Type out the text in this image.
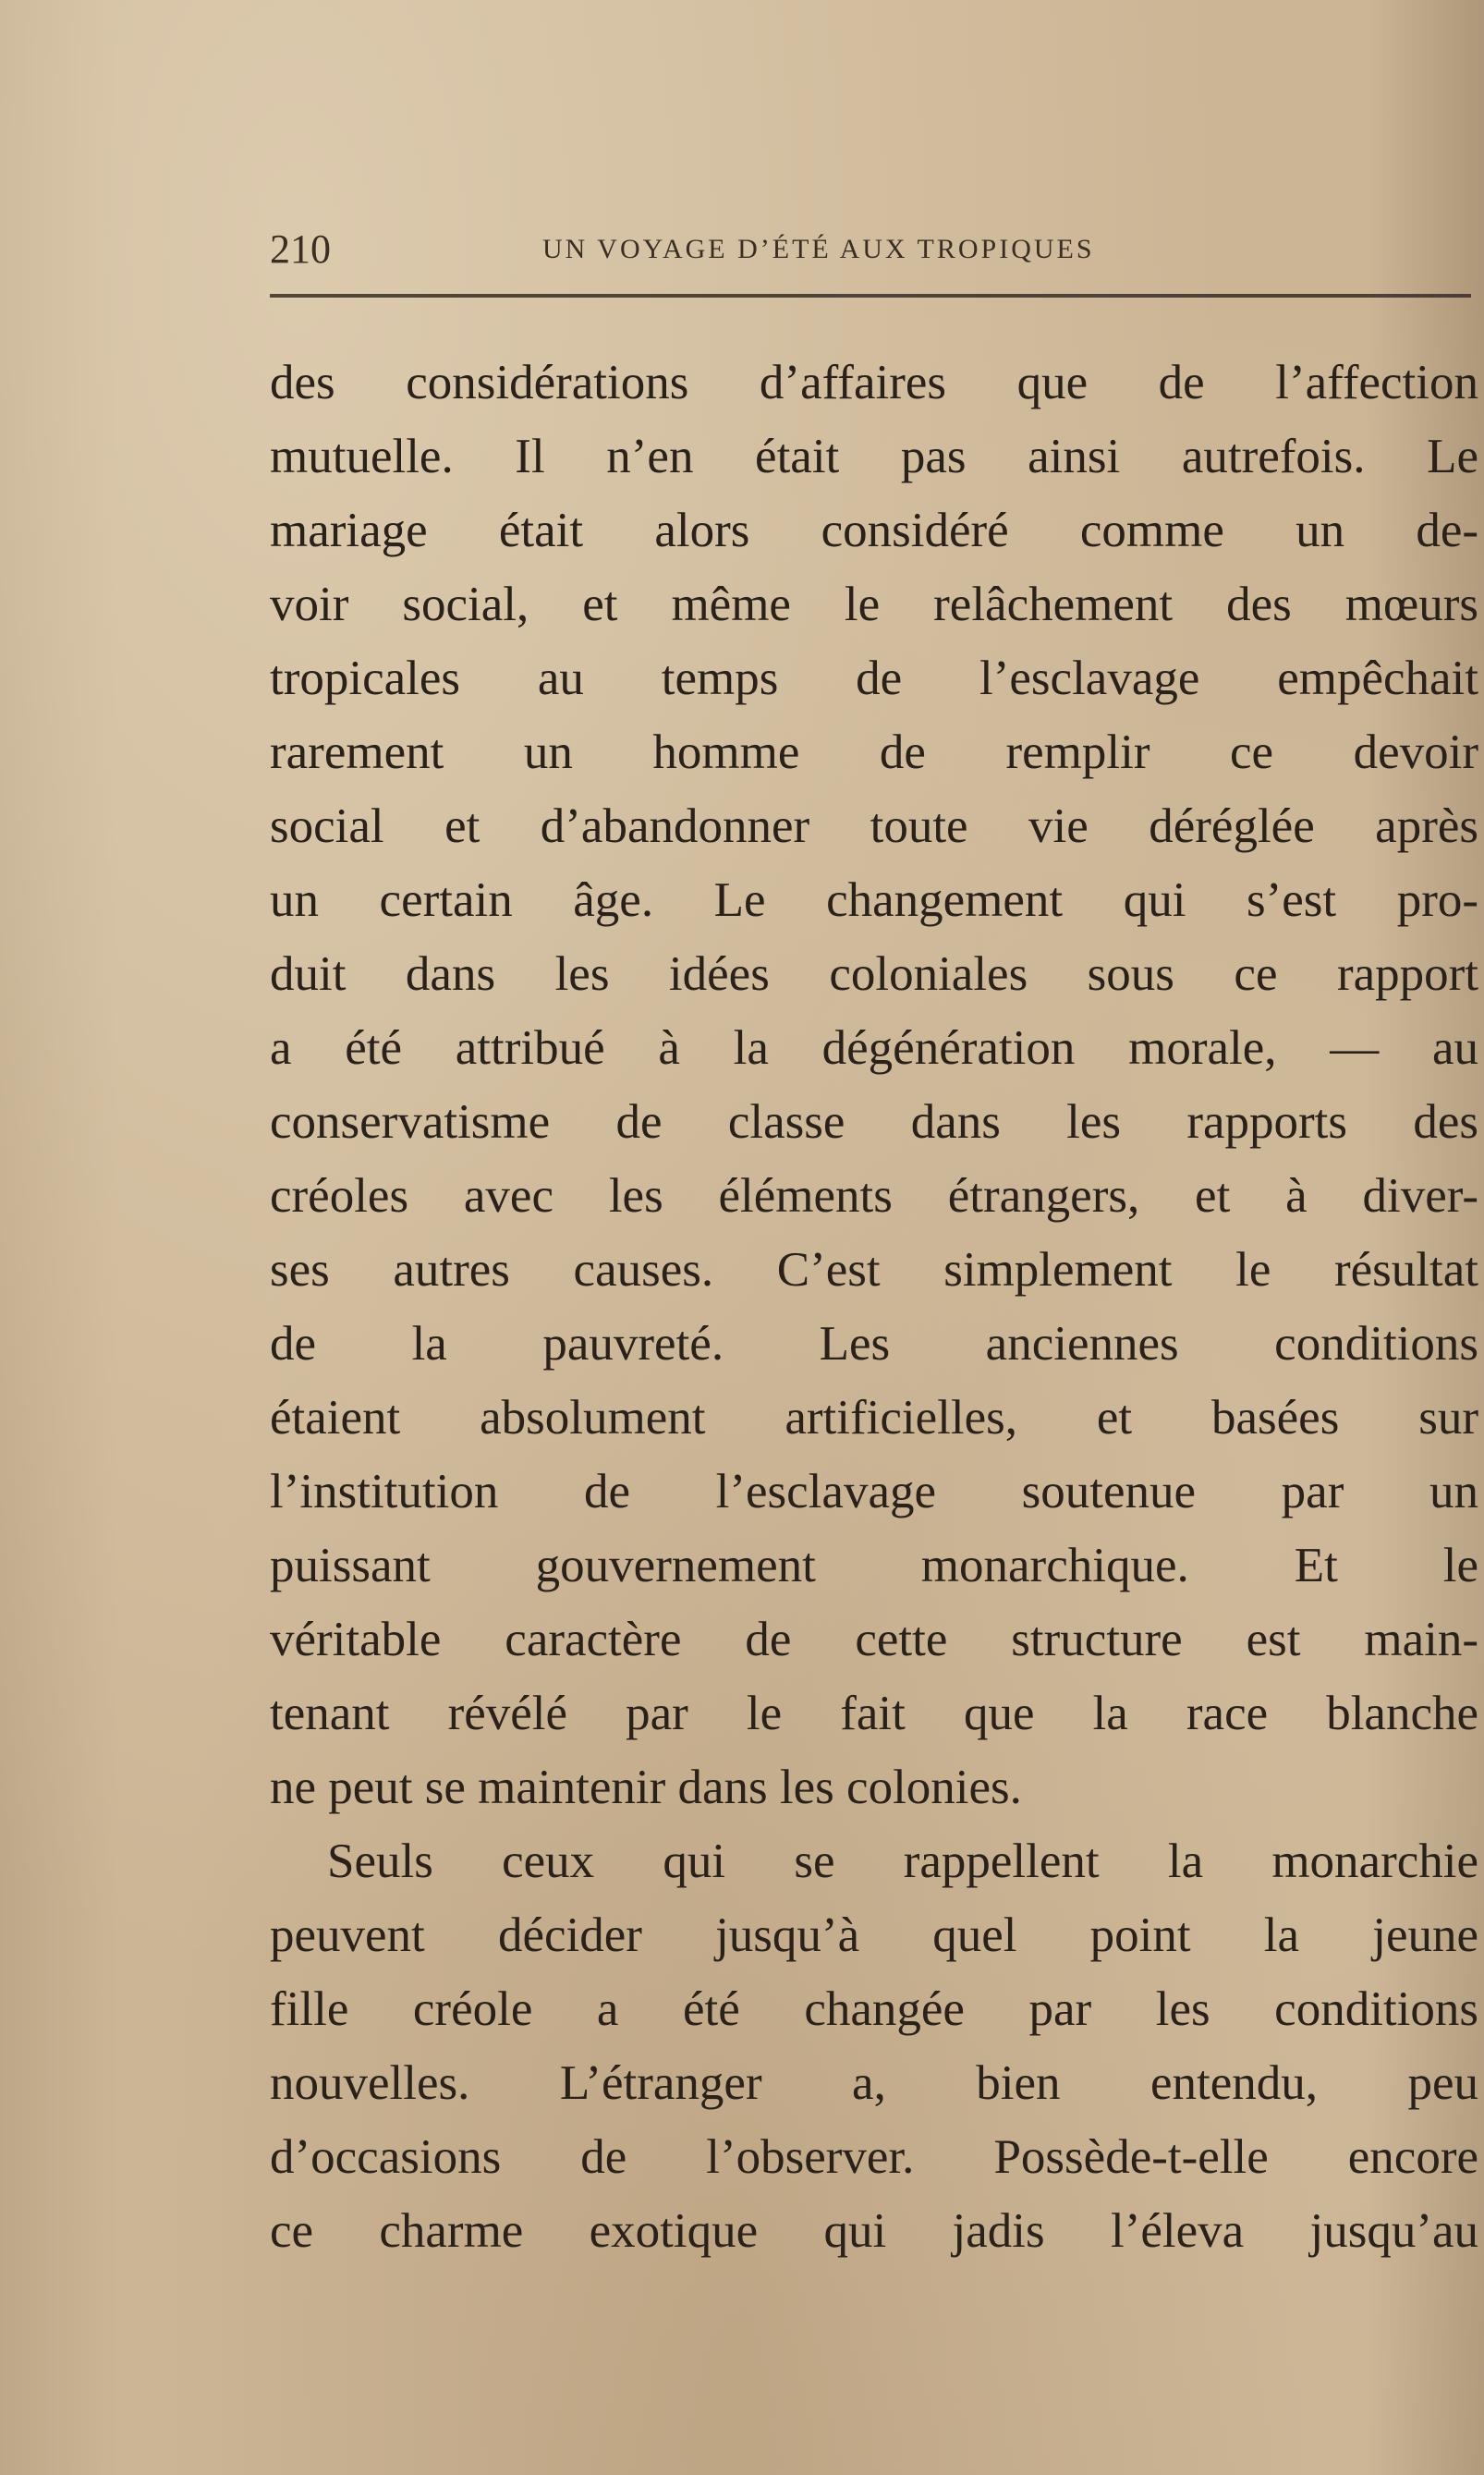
210	UN VOYAGE D’ÉTÉ AUX TROPIQUES
des considérations d’affaires que de l’affection
mutuelle. Il n’en était pas ainsi autrefois. Le
mariage était alors considéré comme un de-
voir social, et même le relâchement des mœurs
tropicales au temps de l’esclavage empêchait
rarement un homme de remplir ce devoir
social et d’abandonner toute vie déréglée après
un certain âge. Le changement qui s’est pro-
duit dans les idées coloniales sous ce rapport
a été attribué à la dégénération morale, — au
conservatisme de classe dans les rapports des
créoles avec les éléments étrangers, et à diver-
ses autres causes. C’est simplement le résultat
de la pauvreté. Les anciennes conditions
étaient absolument artificielles, et basées sur
l’institution de l’esclavage soutenue par un
puissant gouvernement monarchique. Et le
véritable caractère de cette structure est main-
tenant révélé par le fait que la race blanche
ne peut se maintenir dans les colonies.
Seuls ceux qui se rappellent la monarchie
peuvent décider jusqu’à quel point la jeune
fille créole a été changée par les conditions
nouvelles. L’étranger a, bien entendu, peu
d’occasions de l’observer. Possède-t-elle encore
ce charme exotique qui jadis l’éleva jusqu’au
